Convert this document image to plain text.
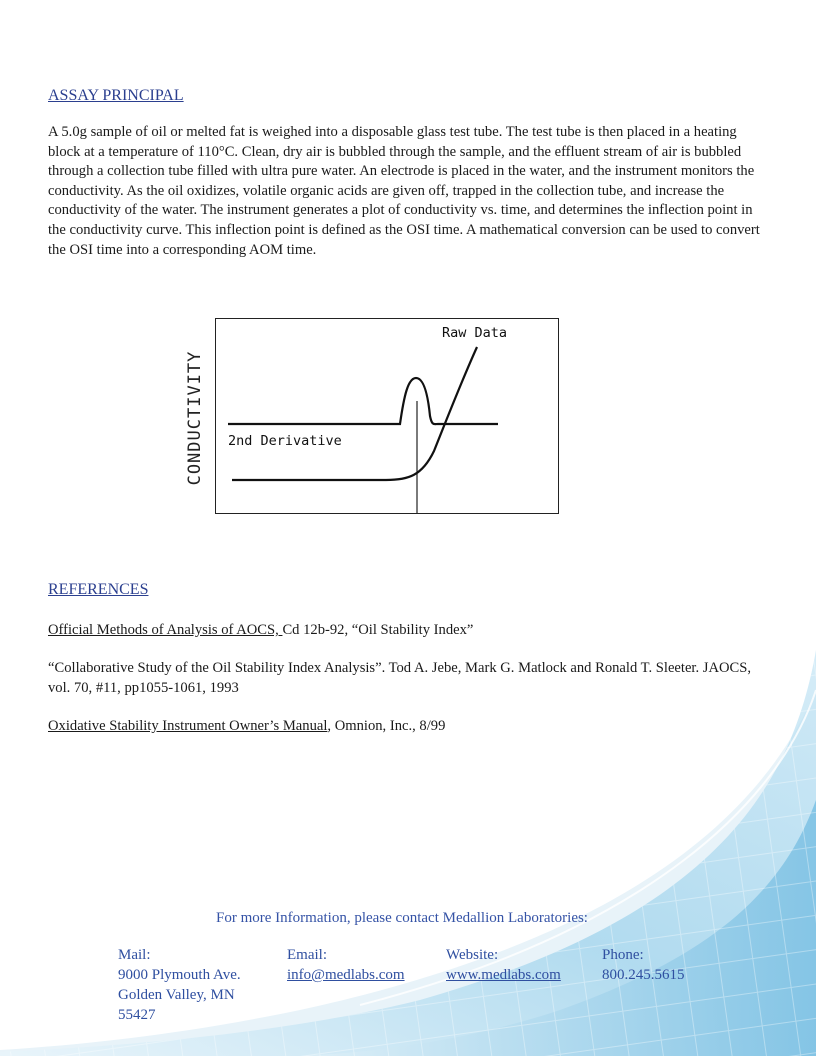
ASSAY PRINCIPAL
A 5.0g sample of oil or melted fat is weighed into a disposable glass test tube. The test tube is then placed in a heating block at a temperature of 110°C. Clean, dry air is bubbled through the sample, and the effluent stream of air is bubbled through a collection tube filled with ultra pure water. An electrode is placed in the water, and the instrument monitors the conductivity. As the oil oxidizes, volatile organic acids are given off, trapped in the collection tube, and increase the conductivity of the water. The instrument generates a plot of conductivity vs. time, and determines the inflection point in the conductivity curve. This inflection point is defined as the OSI time. A mathematical conversion can be used to convert the OSI time into a corresponding AOM time.
REFERENCES
Official Methods of Analysis of AOCS, Cd 12b-92, “Oil Stability Index”
“Collaborative Study of the Oil Stability Index Analysis”. Tod A. Jebe, Mark G. Matlock and Ronald T. Sleeter. JAOCS, vol. 70, #11, pp1055-1061, 1993
Oxidative Stability Instrument Owner’s Manual, Omnion, Inc., 8/99
CONDUCTIVITY
Raw Data
2nd Derivative
For more Information, please contact Medallion Laboratories:
Mail:
9000 Plymouth Ave.
Golden Valley, MN
55427
Email:
info@medlabs.com
Website:
www.medlabs.com
Phone:
800.245.5615
